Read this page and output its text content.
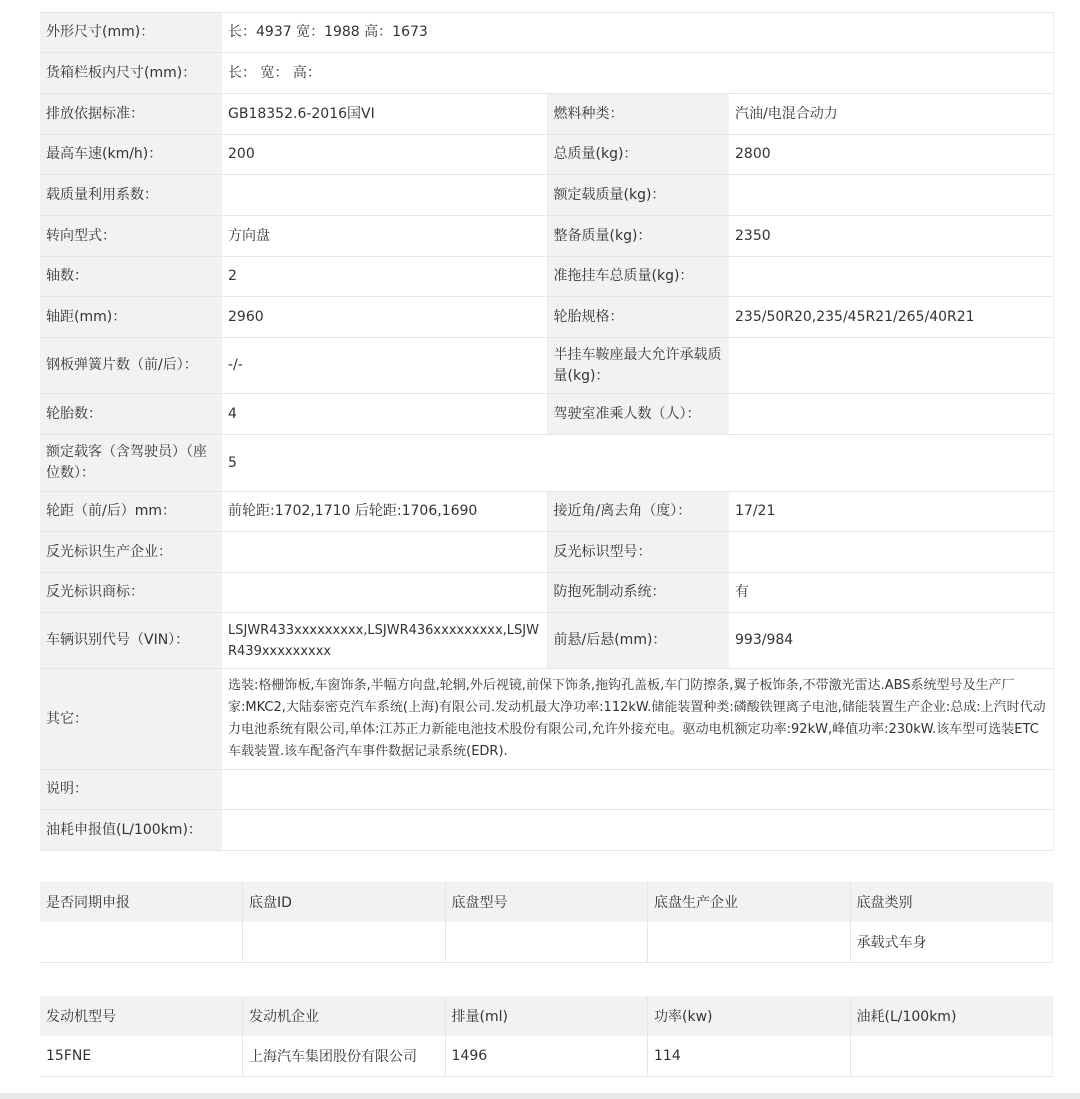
外形尺寸(mm)：	长：4937 宽：1988 高：1673		
货箱栏板内尺寸(mm)：	长： 宽： 高：		
排放依据标准：	GB18352.6-2016国VI	燃料种类：	汽油/电混合动力
最高车速(km/h)：	200	总质量(kg)：	2800
载质量利用系数：		额定载质量(kg)：	
转向型式：	方向盘	整备质量(kg)：	2350
轴数：	2	准拖挂车总质量(kg)：	
轴距(mm)：	2960	轮胎规格：	235/50R20,235/45R21/265/40R21
钢板弹簧片数（前/后）：	-/-	半挂车鞍座最大允许承载质量(kg)：	
轮胎数：	4	驾驶室准乘人数（人）：	
额定载客（含驾驶员）（座位数）：	5		
轮距（前/后）mm：	前轮距:1702,1710 后轮距:1706,1690	接近角/离去角（度）：	17/21
反光标识生产企业：		反光标识型号：	
反光标识商标：		防抱死制动系统：	有
车辆识别代号（VIN）：	LSJWR433xxxxxxxxx,LSJWR436xxxxxxxxx,LSJWR439xxxxxxxxx	前悬/后悬(mm)：	993/984
其它：	选装:格栅饰板,车窗饰条,半幅方向盘,轮辋,外后视镜,前保下饰条,拖钩孔盖板,车门防擦条,翼子板饰条,不带激光雷达.ABS系统型号及生产厂家:MKC2,大陆泰密克汽车系统(上海)有限公司.发动机最大净功率:112kW.储能装置种类:磷酸铁锂离子电池,储能装置生产企业:总成:上汽时代动力电池系统有限公司,单体:江苏正力新能电池技术股份有限公司,允许外接充电。驱动电机额定功率:92kW,峰值功率:230kW.该车型可选装ETC车载装置.该车配备汽车事件数据记录系统(EDR).		
说明：			
油耗申报值(L/100km)：			
是否同期申报	底盘ID	底盘型号	底盘生产企业	底盘类别
				承载式车身
发动机型号	发动机企业	排量(ml)	功率(kw)	油耗(L/100km)
15FNE	上海汽车集团股份有限公司	1496	114	
